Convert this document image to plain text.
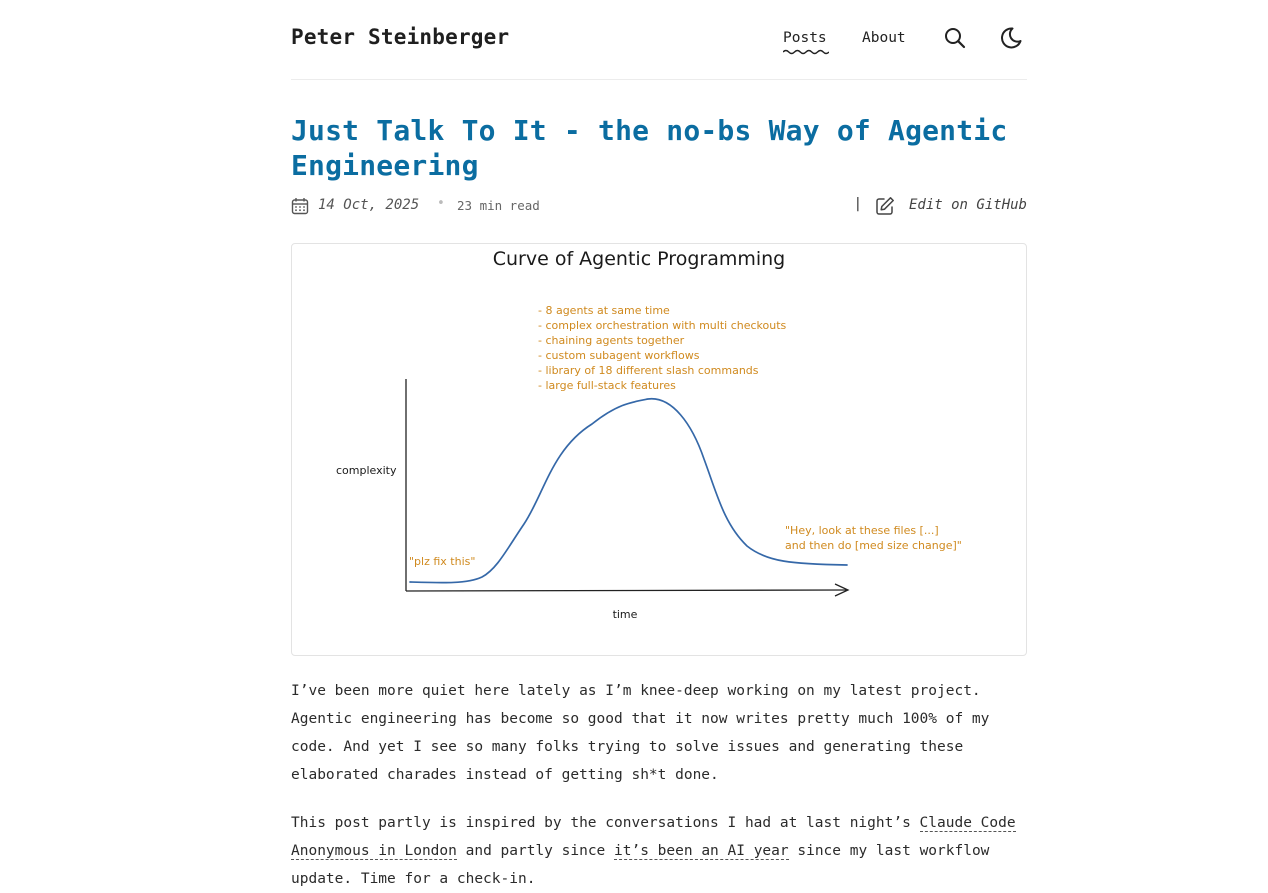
Peter Steinberger	Posts About
Just Talk To It - the no-bs Way of Agentic Engineering
14 Oct, 2025 • 23 min read	|	Edit on GitHub
Curve of Agentic Programming
- 8 agents at same time
- complex orchestration with multi checkouts
- chaining agents together
- custom subagent workflows
- library of 18 different slash commands
- large full-stack features
complexity
time
"plz fix this"
"Hey, look at these files [...]
and then do [med size change]"

I’ve been more quiet here lately as I’m knee-deep working on my latest project. Agentic engineering has become so good that it now writes pretty much 100% of my code. And yet I see so many folks trying to solve issues and generating these elaborated charades instead of getting sh*t done.

This post partly is inspired by the conversations I had at last night’s Claude Code Anonymous in London and partly since it’s been an AI year since my last workflow update. Time for a check-in.
